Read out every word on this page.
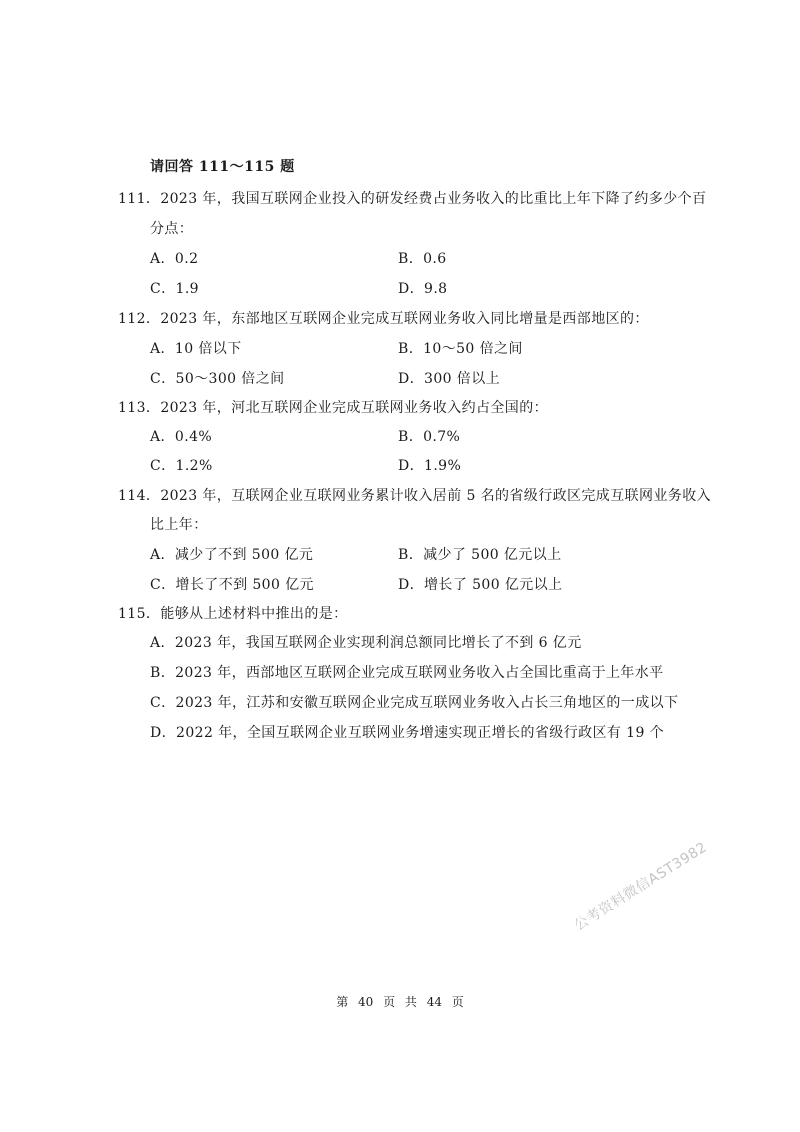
请回答 111～115 题
111．2023 年，我国互联网企业投入的研发经费占业务收入的比重比上年下降了约多少个百
分点：
A．0.2	B．0.6
C．1.9	D．9.8
112．2023 年，东部地区互联网企业完成互联网业务收入同比增量是西部地区的：
A．10 倍以下	B．10～50 倍之间
C．50～300 倍之间	D．300 倍以上
113．2023 年，河北互联网企业完成互联网业务收入约占全国的：
A．0.4%	B．0.7%
C．1.2%	D．1.9%
114．2023 年，互联网企业互联网业务累计收入居前 5 名的省级行政区完成互联网业务收入
比上年：
A．减少了不到 500 亿元	B．减少了 500 亿元以上
C．增长了不到 500 亿元	D．增长了 500 亿元以上
115．能够从上述材料中推出的是：
A．2023 年，我国互联网企业实现利润总额同比增长了不到 6 亿元
B．2023 年，西部地区互联网企业完成互联网业务收入占全国比重高于上年水平
C．2023 年，江苏和安徽互联网企业完成互联网业务收入占长三角地区的一成以下
D．2022 年，全国互联网企业互联网业务增速实现正增长的省级行政区有 19 个
公考资料微信AST3982
第 40 页 共 44 页
